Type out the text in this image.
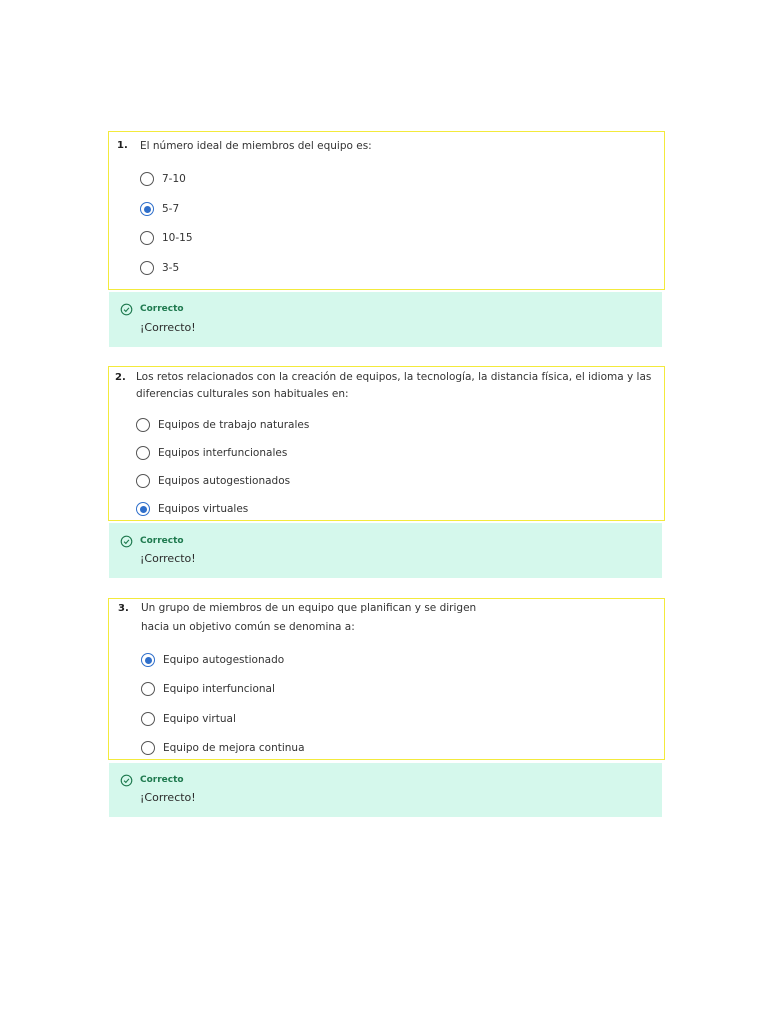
1. El número ideal de miembros del equipo es:
7-10
5-7
10-15
3-5
Correcto
¡Correcto!
2. Los retos relacionados con la creación de equipos, la tecnología, la distancia física, el idioma y las
diferencias culturales son habituales en:
Equipos de trabajo naturales
Equipos interfuncionales
Equipos autogestionados
Equipos virtuales
Correcto
¡Correcto!
3. Un grupo de miembros de un equipo que planifican y se dirigen
hacia un objetivo común se denomina a:
Equipo autogestionado
Equipo interfuncional
Equipo virtual
Equipo de mejora continua
Correcto
¡Correcto!
